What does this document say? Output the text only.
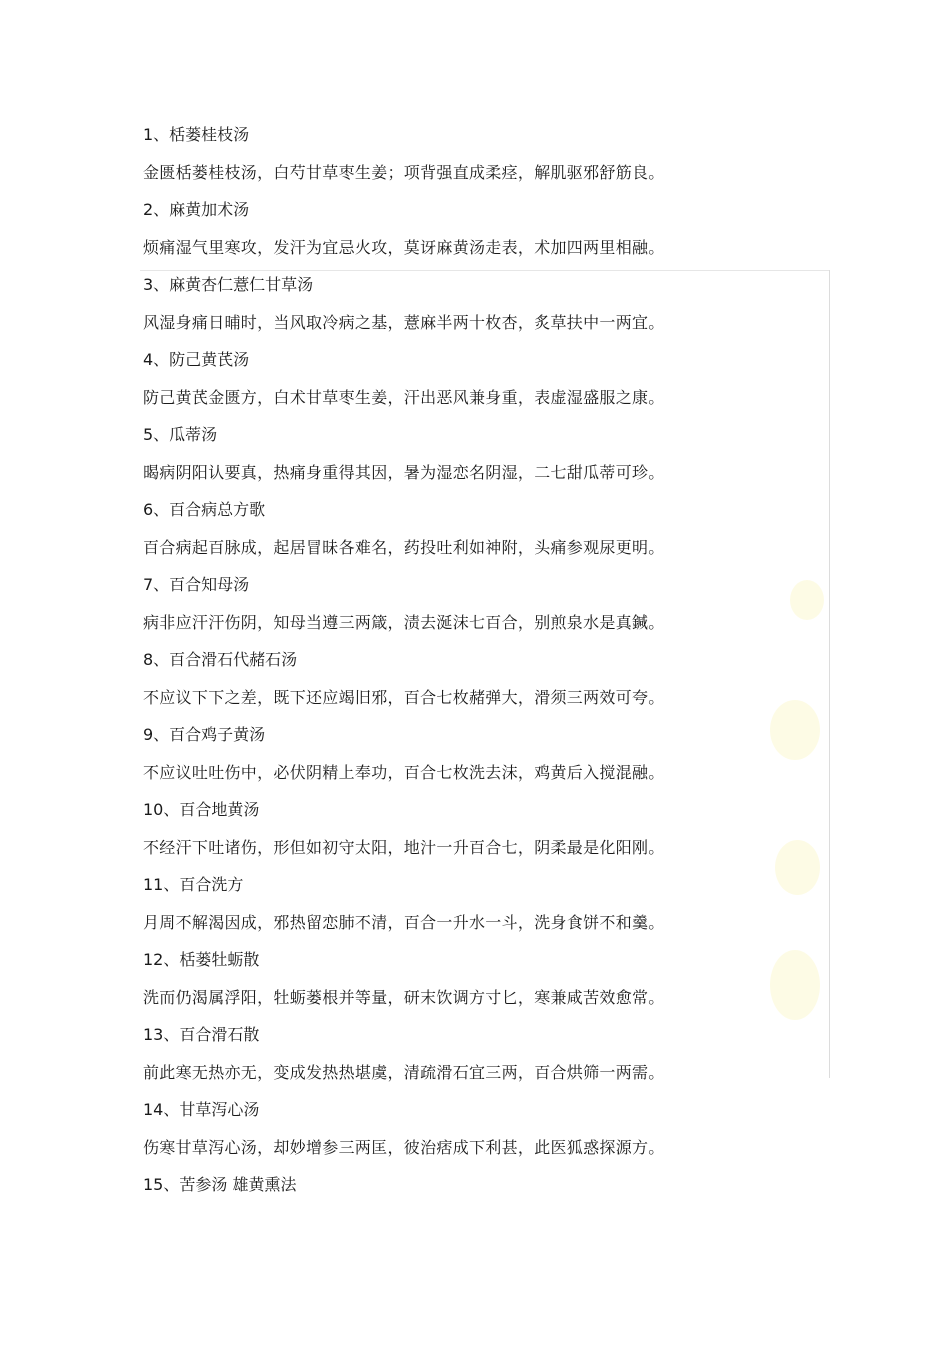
1、栝蒌桂枝汤
金匮栝蒌桂枝汤，白芍甘草枣生姜；项背强直成柔痉，解肌驱邪舒筋良。
2、麻黄加术汤
烦痛湿气里寒攻，发汗为宜忌火攻，莫讶麻黄汤走表，术加四两里相融。
3、麻黄杏仁薏仁甘草汤
风湿身痛日晡时，当风取冷病之基，薏麻半两十枚杏，炙草扶中一两宜。
4、防己黄芪汤
防己黄芪金匮方，白术甘草枣生姜，汗出恶风兼身重，表虚湿盛服之康。
5、瓜蒂汤
暍病阴阳认要真，热痛身重得其因，暑为湿恋名阴湿，二七甜瓜蒂可珍。
6、百合病总方歌
百合病起百脉成，起居冒昧各难名，药投吐利如神附，头痛参观尿更明。
7、百合知母汤
病非应汗汗伤阴，知母当遵三两箴，渍去涎沫七百合，别煎泉水是真鍼。
8、百合滑石代赭石汤
不应议下下之差，既下还应竭旧邪，百合七枚赭弹大，滑须三两效可夸。
9、百合鸡子黄汤
不应议吐吐伤中，必伏阴精上奉功，百合七枚洗去沫，鸡黄后入搅混融。
10、百合地黄汤
不经汗下吐诸伤，形但如初守太阳，地汁一升百合七，阴柔最是化阳刚。
11、百合洗方
月周不解渴因成，邪热留恋肺不清，百合一升水一斗，洗身食饼不和羹。
12、栝蒌牡蛎散
洗而仍渴属浮阳，牡蛎蒌根并等量，研末饮调方寸匕，寒兼咸苦效愈常。
13、百合滑石散
前此寒无热亦无，变成发热热堪虞，清疏滑石宜三两，百合烘筛一两需。
14、甘草泻心汤
伤寒甘草泻心汤，却妙增参三两匡，彼治痞成下利甚，此医狐惑探源方。
15、苦参汤 雄黄熏法
